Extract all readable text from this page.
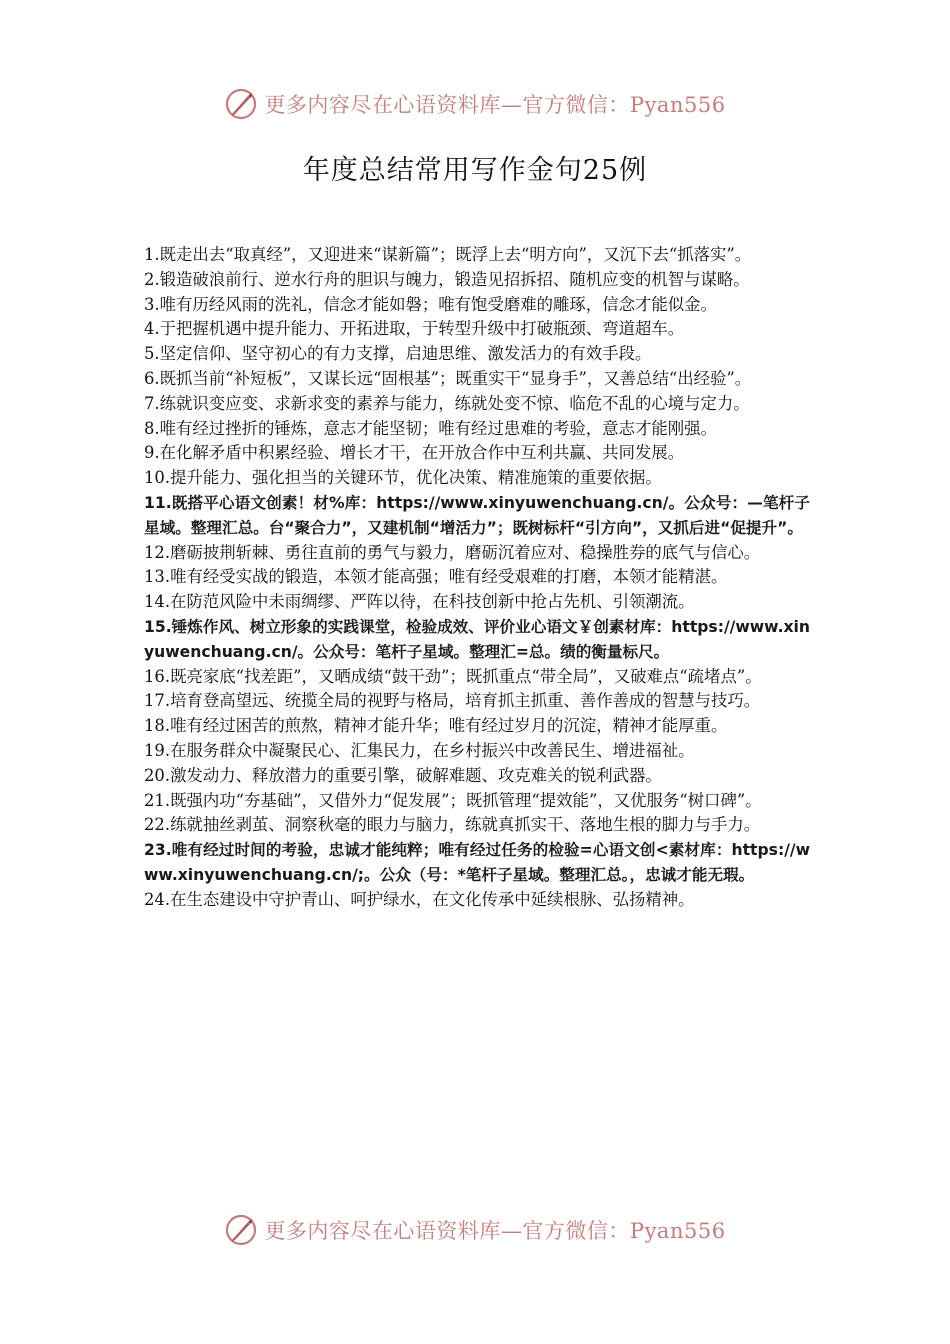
更多内容尽在心语资料库—官方微信：Pyan556
年度总结常用写作金句25例

1.既走出去“取真经”，又迎进来“谋新篇”；既浮上去“明方向”，又沉下去“抓落实”。

2.锻造破浪前行、逆水行舟的胆识与魄力，锻造见招拆招、随机应变的机智与谋略。

3.唯有历经风雨的洗礼，信念才能如磐；唯有饱受磨难的雕琢，信念才能似金。

4.于把握机遇中提升能力、开拓进取，于转型升级中打破瓶颈、弯道超车。

5.坚定信仰、坚守初心的有力支撑，启迪思维、激发活力的有效手段。

6.既抓当前“补短板”，又谋长远“固根基”；既重实干“显身手”，又善总结“出经验”。

7.练就识变应变、求新求变的素养与能力，练就处变不惊、临危不乱的心境与定力。

8.唯有经过挫折的锤炼，意志才能坚韧；唯有经过患难的考验，意志才能刚强。

9.在化解矛盾中积累经验、增长才干，在开放合作中互利共赢、共同发展。

10.提升能力、强化担当的关键环节，优化决策、精准施策的重要依据。

11.既搭平心语文创素！材%库：https://www.xinyuwenchuang.cn/。公众号：—笔杆子星域。整理汇总。台“聚合力”，又建机制“增活力”；既树标杆“引方向”，又抓后进“促提升”。

12.磨砺披荆斩棘、勇往直前的勇气与毅力，磨砺沉着应对、稳操胜券的底气与信心。

13.唯有经受实战的锻造，本领才能高强；唯有经受艰难的打磨，本领才能精湛。

14.在防范风险中未雨绸缪、严阵以待，在科技创新中抢占先机、引领潮流。

15.锤炼作风、树立形象的实践课堂，检验成效、评价业心语文￥创素材库：https://www.xinyuwenchuang.cn/。公众号：笔杆子星域。整理汇=总。绩的衡量标尺。

16.既亮家底“找差距”，又晒成绩“鼓干劲”；既抓重点“带全局”，又破难点“疏堵点”。

17.培育登高望远、统揽全局的视野与格局，培育抓主抓重、善作善成的智慧与技巧。

18.唯有经过困苦的煎熬，精神才能升华；唯有经过岁月的沉淀，精神才能厚重。

19.在服务群众中凝聚民心、汇集民力，在乡村振兴中改善民生、增进福祉。

20.激发动力、释放潜力的重要引擎，破解难题、攻克难关的锐利武器。

21.既强内功“夯基础”，又借外力“促发展”；既抓管理“提效能”，又优服务“树口碑”。

22.练就抽丝剥茧、洞察秋毫的眼力与脑力，练就真抓实干、落地生根的脚力与手力。

23.唯有经过时间的考验，忠诚才能纯粹；唯有经过任务的检验=心语文创<素材库：https://www.xinyuwenchuang.cn/;。公众（号：*笔杆子星域。整理汇总。，忠诚才能无瑕。

24.在生态建设中守护青山、呵护绿水，在文化传承中延续根脉、弘扬精神。

更多内容尽在心语资料库—官方微信：Pyan556
